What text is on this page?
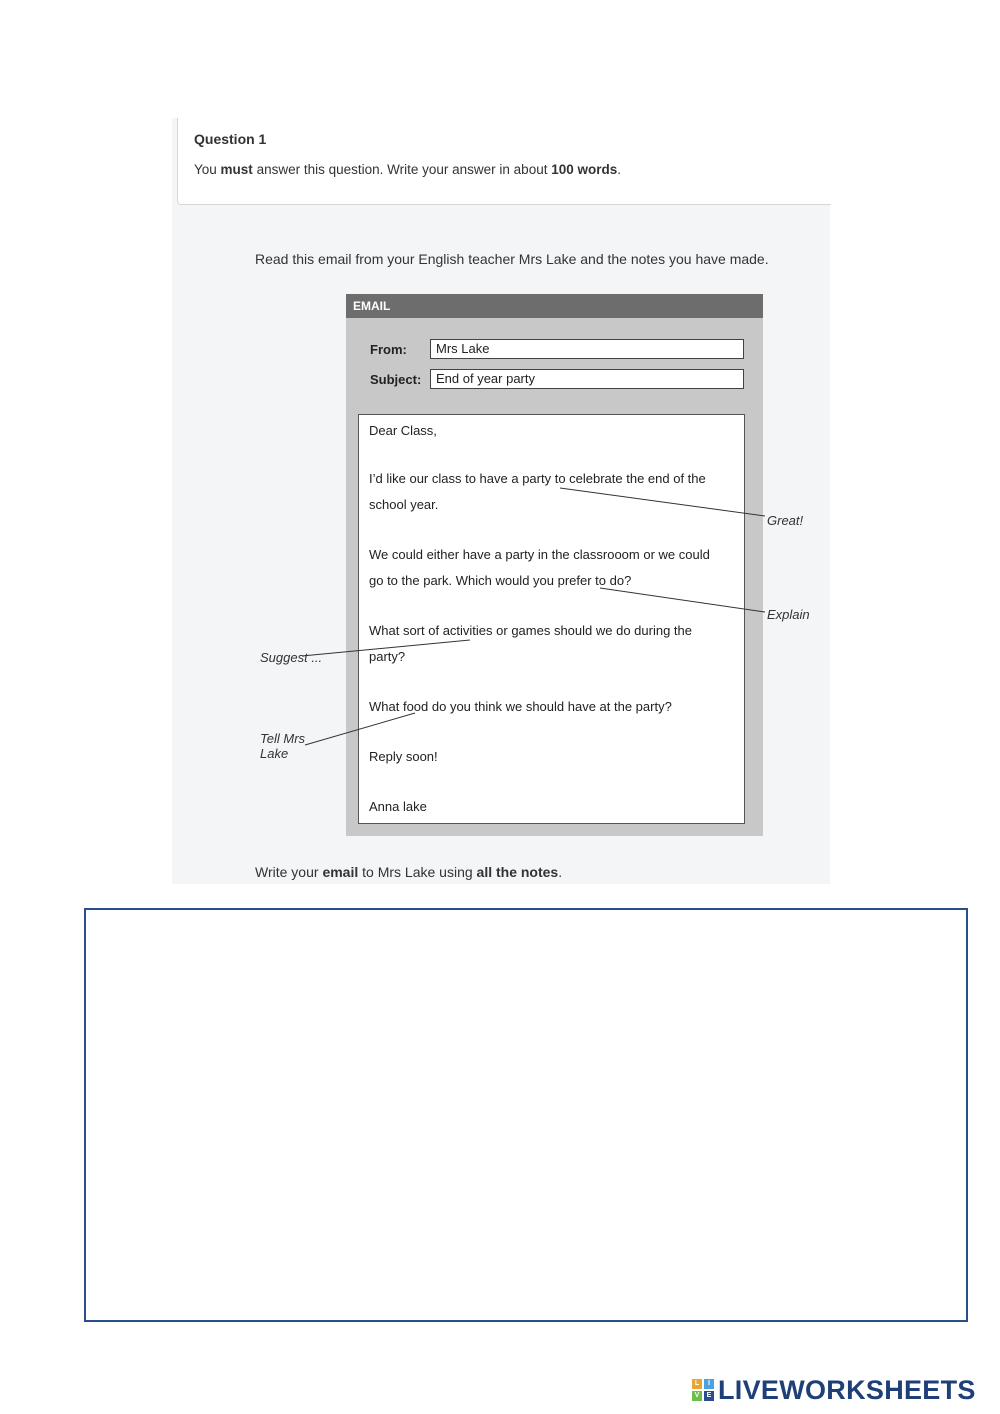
Question 1
You must answer this question. Write your answer in about 100 words.
Read this email from your English teacher Mrs Lake and the notes you have made.
EMAIL
From:	Mrs Lake
Subject:	End of year party
Dear Class,
I’d like our class to have a party to celebrate the end of the
school year.
We could either have a party in the classrooom or we could
go to the park. Which would you prefer to do?
What sort of activities or games should we do during the
party?
What food do you think we should have at the party?
Reply soon!
Anna lake
Great!
Explain
Suggest ...
Tell Mrs
Lake
Write your email to Mrs Lake using all the notes.
L	I
V	E LIVEWORKSHEETS
